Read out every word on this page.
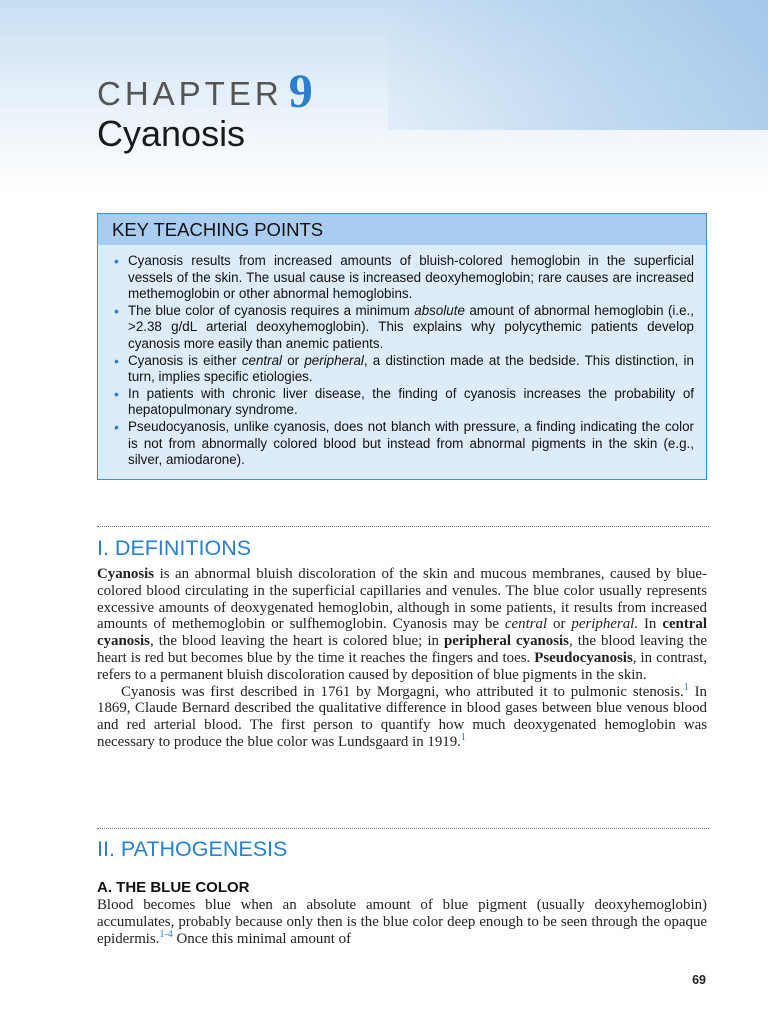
CHAPTER 9
Cyanosis
KEY TEACHING POINTS
• Cyanosis results from increased amounts of bluish-colored hemoglobin in the superficial vessels of the skin. The usual cause is increased deoxyhemoglobin; rare causes are increased methemoglobin or other abnormal hemoglobins.
• The blue color of cyanosis requires a minimum absolute amount of abnormal hemoglobin (i.e., >2.38 g/dL arterial deoxyhemoglobin). This explains why polycythemic patients develop cyanosis more easily than anemic patients.
• Cyanosis is either central or peripheral, a distinction made at the bedside. This distinction, in turn, implies specific etiologies.
• In patients with chronic liver disease, the finding of cyanosis increases the probability of hepatopulmonary syndrome.
• Pseudocyanosis, unlike cyanosis, does not blanch with pressure, a finding indicating the color is not from abnormally colored blood but instead from abnormal pigments in the skin (e.g., silver, amiodarone).
I. DEFINITIONS

Cyanosis is an abnormal bluish discoloration of the skin and mucous membranes, caused by blue-colored blood circulating in the superficial capillaries and venules. The blue color usually represents excessive amounts of deoxygenated hemoglobin, although in some patients, it results from increased amounts of methemoglobin or sulfhemoglobin. Cyanosis may be central or peripheral. In central cyanosis, the blood leaving the heart is colored blue; in peripheral cyanosis, the blood leaving the heart is red but becomes blue by the time it reaches the fingers and toes. Pseudocyanosis, in contrast, refers to a permanent bluish discoloration caused by deposition of blue pigments in the skin.

Cyanosis was first described in 1761 by Morgagni, who attributed it to pulmonic stenosis.$^1$ In 1869, Claude Bernard described the qualitative difference in blood gases between blue venous blood and red arterial blood. The first person to quantify how much deoxygenated hemoglobin was necessary to produce the blue color was Lundsgaard in 1919.$^1$

II. PATHOGENESIS
A. THE BLUE COLOR

Blood becomes blue when an absolute amount of blue pigment (usually deoxyhemoglobin) accumulates, probably because only then is the blue color deep enough to be seen through the opaque epidermis.$^{1-4}$ Once this minimal amount of

69
